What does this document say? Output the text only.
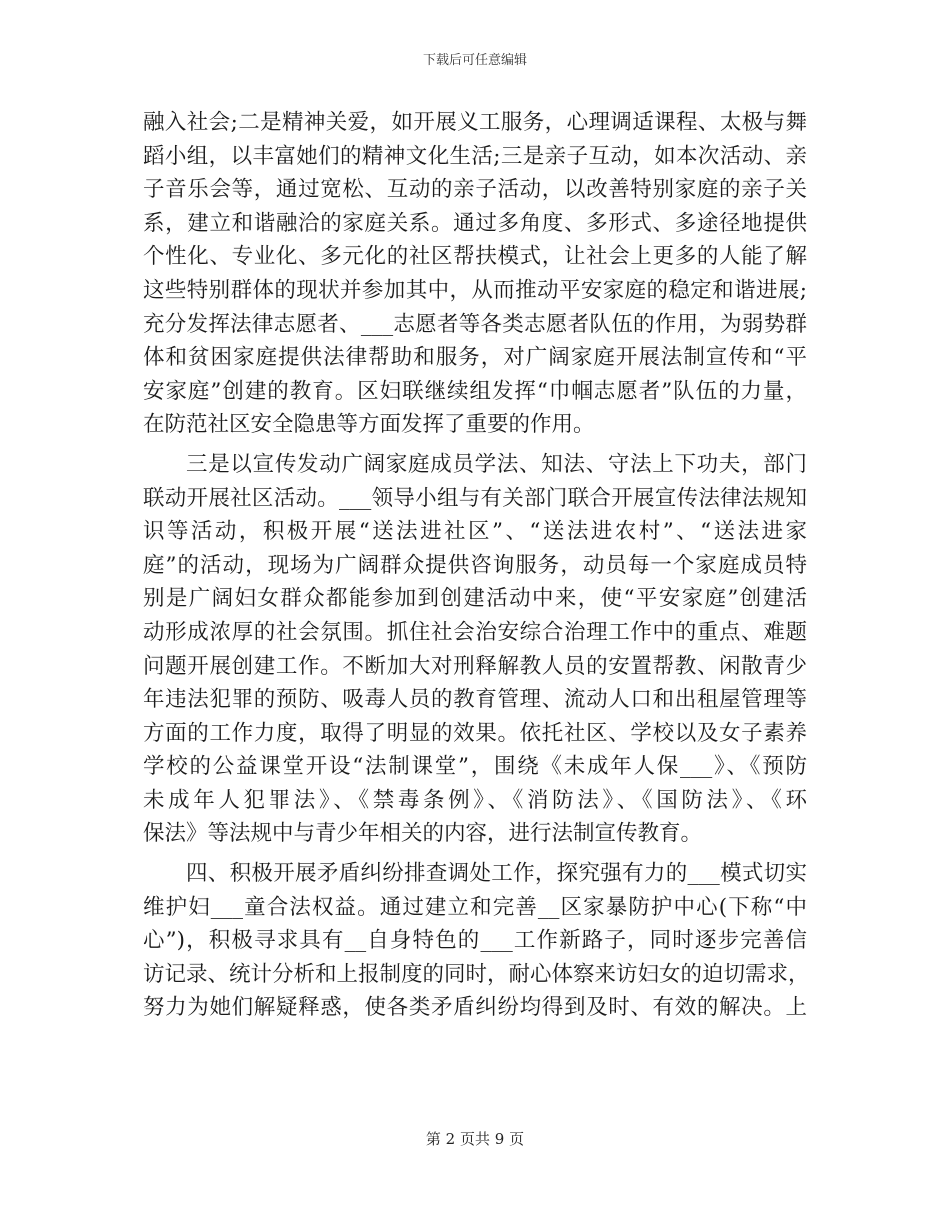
下载后可任意编辑
融入社会;二是精神关爱，如开展义工服务，心理调适课程、太极与舞
蹈小组，以丰富她们的精神文化生活;三是亲子互动，如本次活动、亲
子音乐会等，通过宽松、互动的亲子活动，以改善特别家庭的亲子关
系，建立和谐融洽的家庭关系。通过多角度、多形式、多途径地提供
个性化、专业化、多元化的社区帮扶模式，让社会上更多的人能了解
这些特别群体的现状并参加其中，从而推动平安家庭的稳定和谐进展;
充分发挥法律志愿者、___志愿者等各类志愿者队伍的作用，为弱势群
体和贫困家庭提供法律帮助和服务，对广阔家庭开展法制宣传和“平
安家庭”创建的教育。区妇联继续组发挥“巾帼志愿者”队伍的力量，
在防范社区安全隐患等方面发挥了重要的作用。
三是以宣传发动广阔家庭成员学法、知法、守法上下功夫，部门
联动开展社区活动。___领导小组与有关部门联合开展宣传法律法规知
识等活动，积极开展“送法进社区”、“送法进农村”、“送法进家
庭”的活动，现场为广阔群众提供咨询服务，动员每一个家庭成员特
别是广阔妇女群众都能参加到创建活动中来，使“平安家庭”创建活
动形成浓厚的社会氛围。抓住社会治安综合治理工作中的重点、难题
问题开展创建工作。不断加大对刑释解教人员的安置帮教、闲散青少
年违法犯罪的预防、吸毒人员的教育管理、流动人口和出租屋管理等
方面的工作力度，取得了明显的效果。依托社区、学校以及女子素养
学校的公益课堂开设“法制课堂”，围绕《未成年人保___》、《预防
未成年人犯罪法》、《禁毒条例》、《消防法》、《国防法》、《环
保法》等法规中与青少年相关的内容，进行法制宣传教育。
四、积极开展矛盾纠纷排查调处工作，探究强有力的___模式切实
维护妇___童合法权益。通过建立和完善__区家暴防护中心(下称“中
心”)，积极寻求具有__自身特色的___工作新路子，同时逐步完善信
访记录、统计分析和上报制度的同时，耐心体察来访妇女的迫切需求，
努力为她们解疑释惑，使各类矛盾纠纷均得到及时、有效的解决。上
第 2 页共 9 页
